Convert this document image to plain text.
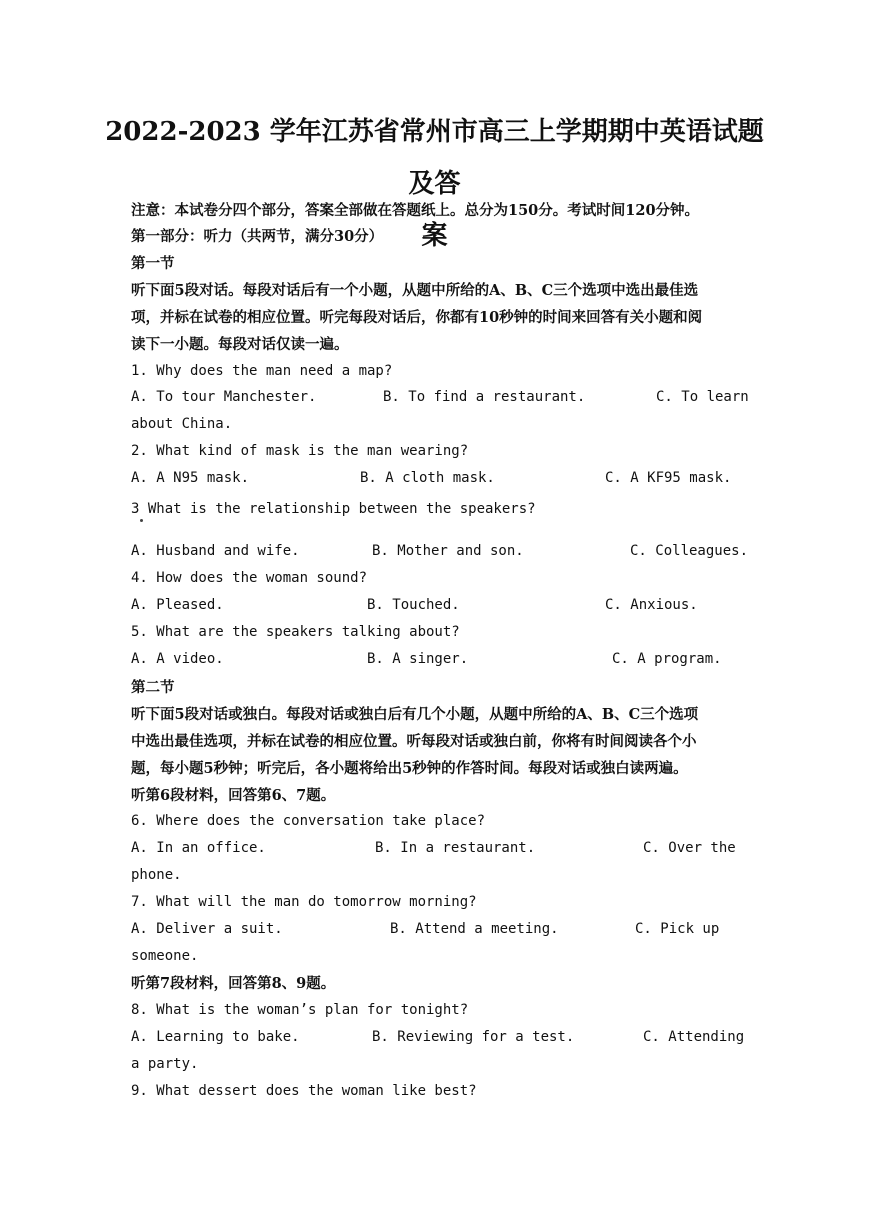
2022-2023 学年江苏省常州市高三上学期期中英语试题及答
案
注意：本试卷分四个部分，答案全部做在答题纸上。总分为150分。考试时间120分钟。
第一部分：听力（共两节，满分30分）
第一节
听下面5段对话。每段对话后有一个小题，从题中所给的A、B、C三个选项中选出最佳选
项，并标在试卷的相应位置。听完每段对话后，你都有10秒钟的时间来回答有关小题和阅
读下一小题。每段对话仅读一遍。
1. Why does the man need a map?
A. To tour Manchester.	B. To find a restaurant.	C. To learn
about China.
2. What kind of mask is the man wearing?
A. A N95 mask.	B. A cloth mask.	C. A KF95 mask.
3 What is the relationship between the speakers?
A. Husband and wife.	B. Mother and son.	C. Colleagues.
4. How does the woman sound?
A. Pleased.	B. Touched.	C. Anxious.
5. What are the speakers talking about?
A. A video.	B. A singer.	C. A program.
第二节
听下面5段对话或独白。每段对话或独白后有几个小题，从题中所给的A、B、C三个选项
中选出最佳选项，并标在试卷的相应位置。听每段对话或独白前，你将有时间阅读各个小
题，每小题5秒钟；听完后，各小题将给出5秒钟的作答时间。每段对话或独白读两遍。
听第6段材料，回答第6、7题。
6. Where does the conversation take place?
A. In an office.	B. In a restaurant.	C. Over the
phone.
7. What will the man do tomorrow morning?
A. Deliver a suit.	B. Attend a meeting.	C. Pick up
someone.
听第7段材料，回答第8、9题。
8. What is the woman’s plan for tonight?
A. Learning to bake.	B. Reviewing for a test.	C. Attending
a party.
9. What dessert does the woman like best?
